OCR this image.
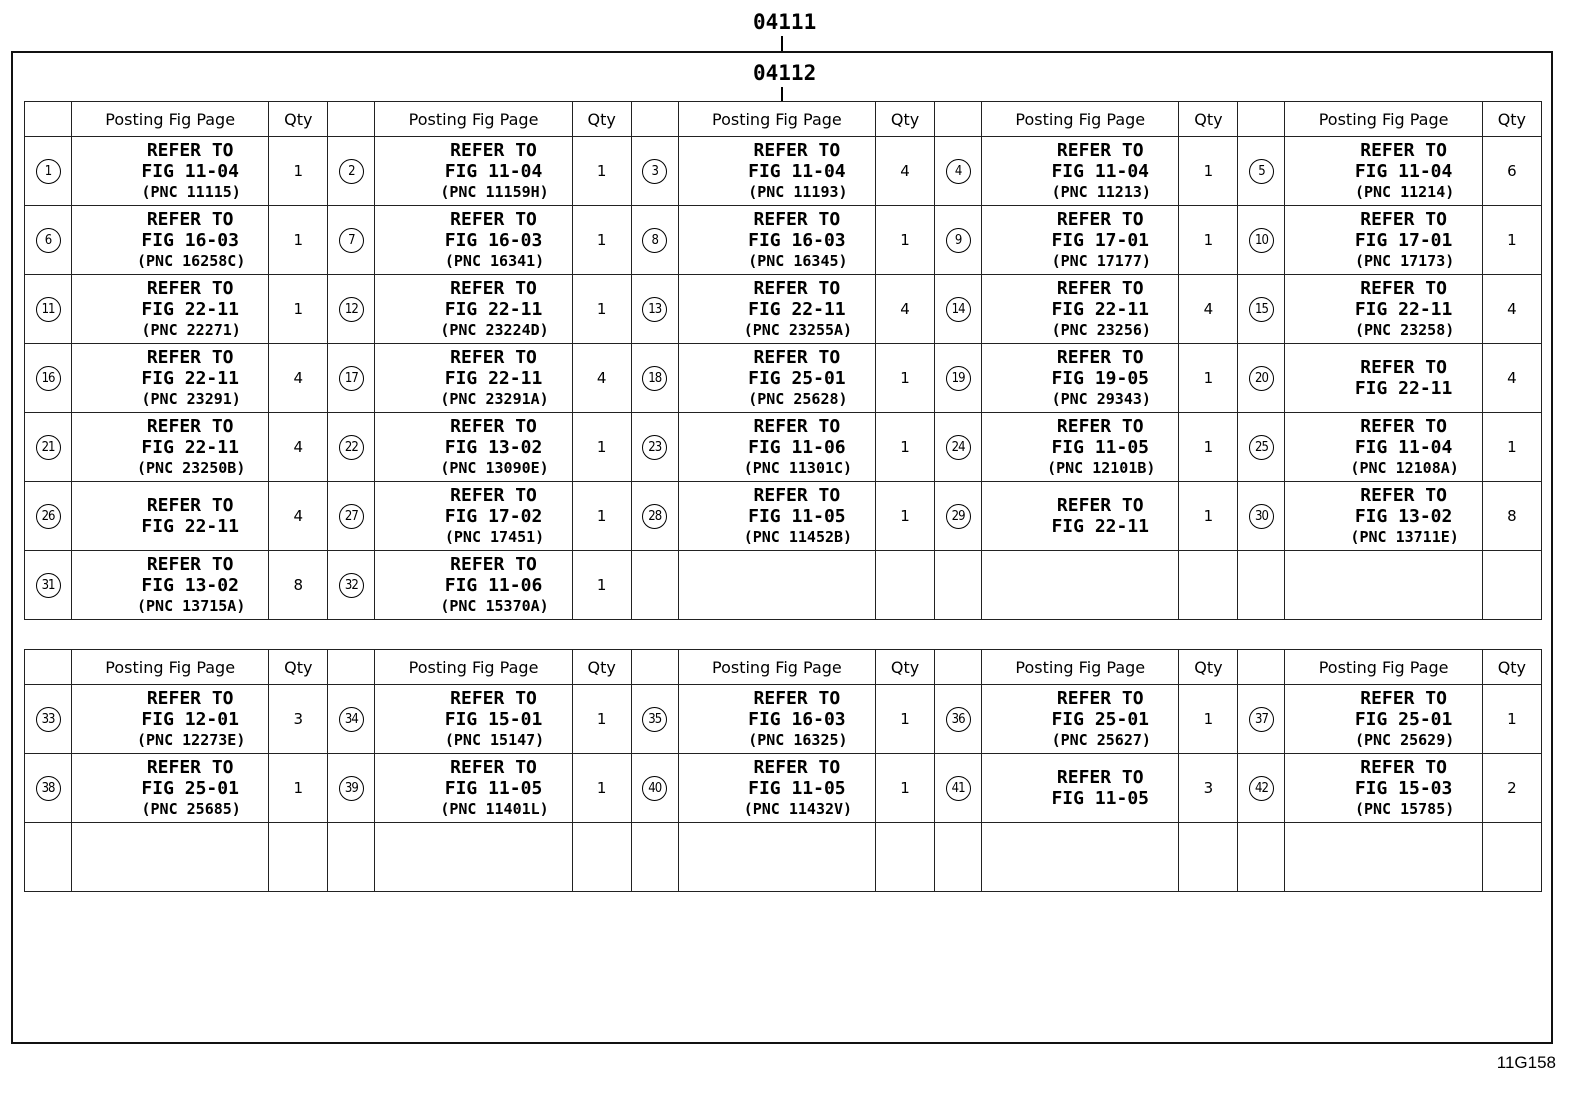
04111
04112
	Posting Fig Page	Qty		Posting Fig Page	Qty		Posting Fig Page	Qty		Posting Fig Page	Qty		Posting Fig Page	Qty
1	REFER TO
FIG 11-04
(PNC 11115)	1	2	REFER TO
FIG 11-04
(PNC 11159H)	1	3	REFER TO
FIG 11-04
(PNC 11193)	4	4	REFER TO
FIG 11-04
(PNC 11213)	1	5	REFER TO
FIG 11-04
(PNC 11214)	6
6	REFER TO
FIG 16-03
(PNC 16258C)	1	7	REFER TO
FIG 16-03
(PNC 16341)	1	8	REFER TO
FIG 16-03
(PNC 16345)	1	9	REFER TO
FIG 17-01
(PNC 17177)	1	10	REFER TO
FIG 17-01
(PNC 17173)	1
11	REFER TO
FIG 22-11
(PNC 22271)	1	12	REFER TO
FIG 22-11
(PNC 23224D)	1	13	REFER TO
FIG 22-11
(PNC 23255A)	4	14	REFER TO
FIG 22-11
(PNC 23256)	4	15	REFER TO
FIG 22-11
(PNC 23258)	4
16	REFER TO
FIG 22-11
(PNC 23291)	4	17	REFER TO
FIG 22-11
(PNC 23291A)	4	18	REFER TO
FIG 25-01
(PNC 25628)	1	19	REFER TO
FIG 19-05
(PNC 29343)	1	20	REFER TO
FIG 22-11	4
21	REFER TO
FIG 22-11
(PNC 23250B)	4	22	REFER TO
FIG 13-02
(PNC 13090E)	1	23	REFER TO
FIG 11-06
(PNC 11301C)	1	24	REFER TO
FIG 11-05
(PNC 12101B)	1	25	REFER TO
FIG 11-04
(PNC 12108A)	1
26	REFER TO
FIG 22-11	4	27	REFER TO
FIG 17-02
(PNC 17451)	1	28	REFER TO
FIG 11-05
(PNC 11452B)	1	29	REFER TO
FIG 22-11	1	30	REFER TO
FIG 13-02
(PNC 13711E)	8
31	REFER TO
FIG 13-02
(PNC 13715A)	8	32	REFER TO
FIG 11-06
(PNC 15370A)	1									
	Posting Fig Page	Qty		Posting Fig Page	Qty		Posting Fig Page	Qty		Posting Fig Page	Qty		Posting Fig Page	Qty
33	REFER TO
FIG 12-01
(PNC 12273E)	3	34	REFER TO
FIG 15-01
(PNC 15147)	1	35	REFER TO
FIG 16-03
(PNC 16325)	1	36	REFER TO
FIG 25-01
(PNC 25627)	1	37	REFER TO
FIG 25-01
(PNC 25629)	1
38	REFER TO
FIG 25-01
(PNC 25685)	1	39	REFER TO
FIG 11-05
(PNC 11401L)	1	40	REFER TO
FIG 11-05
(PNC 11432V)	1	41	REFER TO
FIG 11-05	3	42	REFER TO
FIG 15-03
(PNC 15785)	2

11G158
